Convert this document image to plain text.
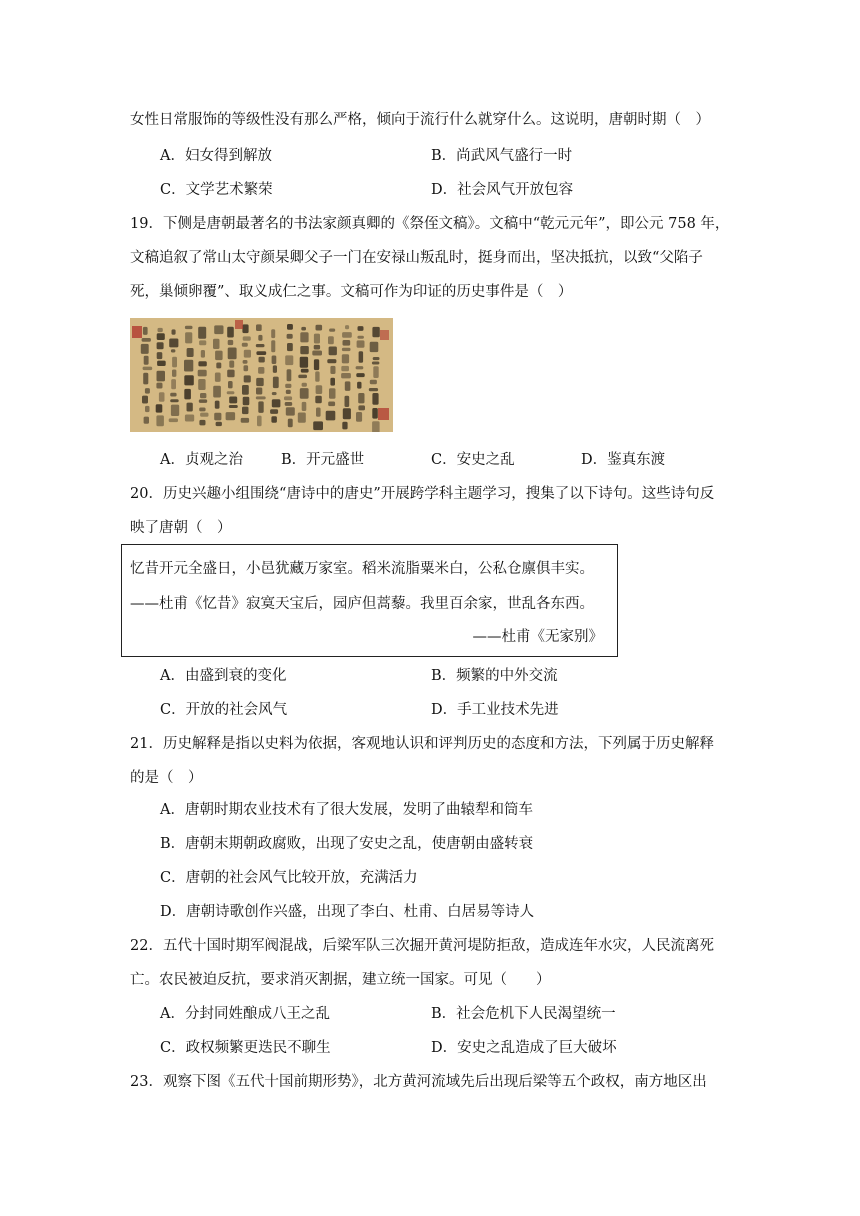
女性日常服饰的等级性没有那么严格，倾向于流行什么就穿什么。这说明，唐朝时期（　）
A．妇女得到解放	B．尚武风气盛行一时
C．文学艺术繁荣	D．社会风气开放包容
19．下侧是唐朝最著名的书法家颜真卿的《祭侄文稿》。文稿中“乾元元年”，即公元 758 年，
文稿追叙了常山太守颜杲卿父子一门在安禄山叛乱时，挺身而出，坚决抵抗，以致“父陷子
死，巢倾卵覆”、取义成仁之事。文稿可作为印证的历史事件是（　）
A．贞观之治	B．开元盛世	C．安史之乱	D．鉴真东渡
20．历史兴趣小组围绕“唐诗中的唐史”开展跨学科主题学习，搜集了以下诗句。这些诗句反
映了唐朝（　）
忆昔开元全盛日，小邑犹藏万家室。稻米流脂粟米白，公私仓廪俱丰实。
——杜甫《忆昔》寂寞天宝后，园庐但蒿藜。我里百余家，世乱各东西。
——杜甫《无家别》
A．由盛到衰的变化	B．频繁的中外交流
C．开放的社会风气	D．手工业技术先进
21．历史解释是指以史料为依据，客观地认识和评判历史的态度和方法，下列属于历史解释
的是（　）
A．唐朝时期农业技术有了很大发展，发明了曲辕犁和筒车
B．唐朝末期朝政腐败，出现了安史之乱，使唐朝由盛转衰
C．唐朝的社会风气比较开放，充满活力
D．唐朝诗歌创作兴盛，出现了李白、杜甫、白居易等诗人
22．五代十国时期军阀混战，后梁军队三次掘开黄河堤防拒敌，造成连年水灾，人民流离死
亡。农民被迫反抗，要求消灭割据，建立统一国家。可见（　　）
A．分封同姓酿成八王之乱	B．社会危机下人民渴望统一
C．政权频繁更迭民不聊生	D．安史之乱造成了巨大破坏
23．观察下图《五代十国前期形势》，北方黄河流域先后出现后梁等五个政权，南方地区出
